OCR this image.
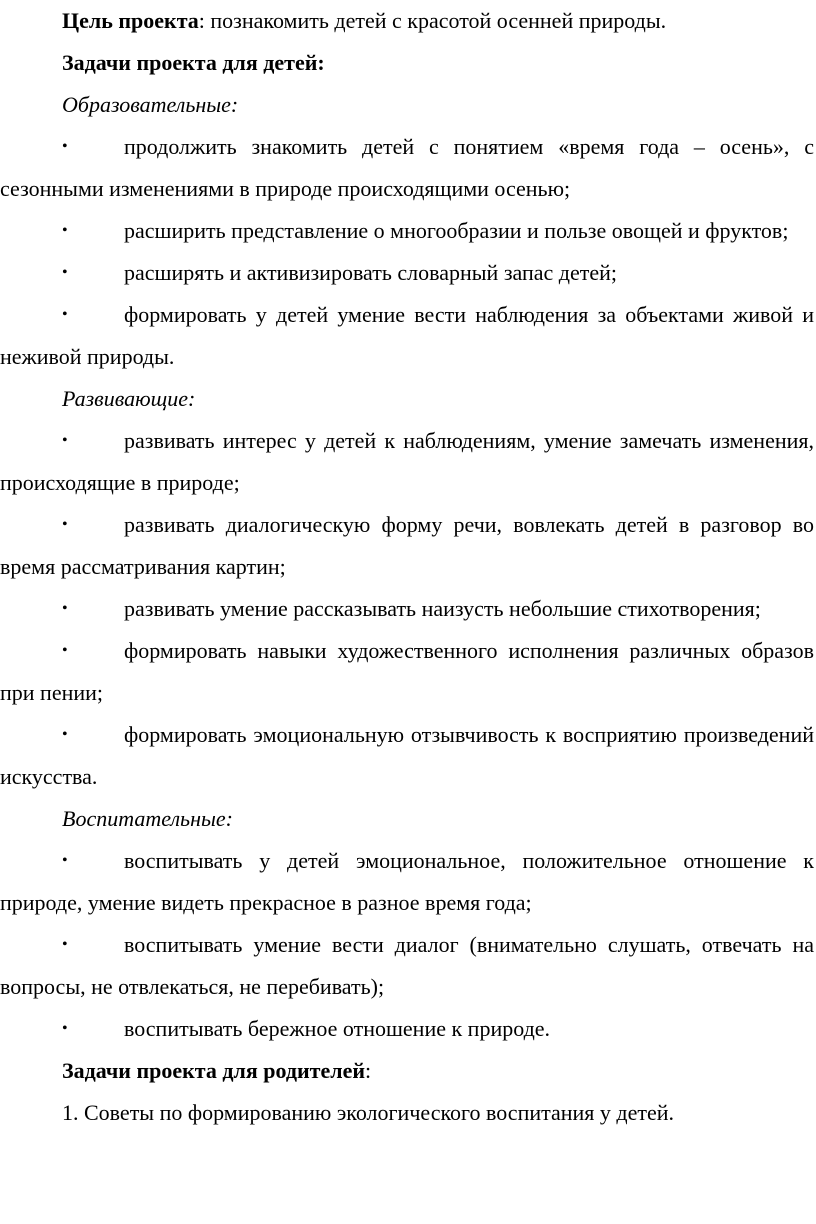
Цель проекта: познакомить детей с красотой осенней природы.

Задачи проекта для детей:

Образовательные:

•	продолжить знакомить детей с понятием «время года – осень», с сезонными изменениями в природе происходящими осенью;
•	расширить представление о многообразии и пользе овощей и фруктов;
•	расширять и активизировать словарный запас детей;
•	формировать у детей умение вести наблюдения за объектами живой и неживой природы.

Развивающие:

•	развивать интерес у детей к наблюдениям, умение замечать изменения, происходящие в природе;
•	развивать диалогическую форму речи, вовлекать детей в разговор во время рассматривания картин;
•	развивать умение рассказывать наизусть небольшие стихотворения;
•	формировать навыки художественного исполнения различных образов при пении;
•	формировать эмоциональную отзывчивость к восприятию произведений искусства.

Воспитательные:

•	воспитывать у детей эмоциональное, положительное отношение к природе, умение видеть прекрасное в разное время года;
•	воспитывать умение вести диалог (внимательно слушать, отвечать на вопросы, не отвлекаться, не перебивать);
•	воспитывать бережное отношение к природе.

Задачи проекта для родителей:

1. Советы по формированию экологического воспитания у детей.
